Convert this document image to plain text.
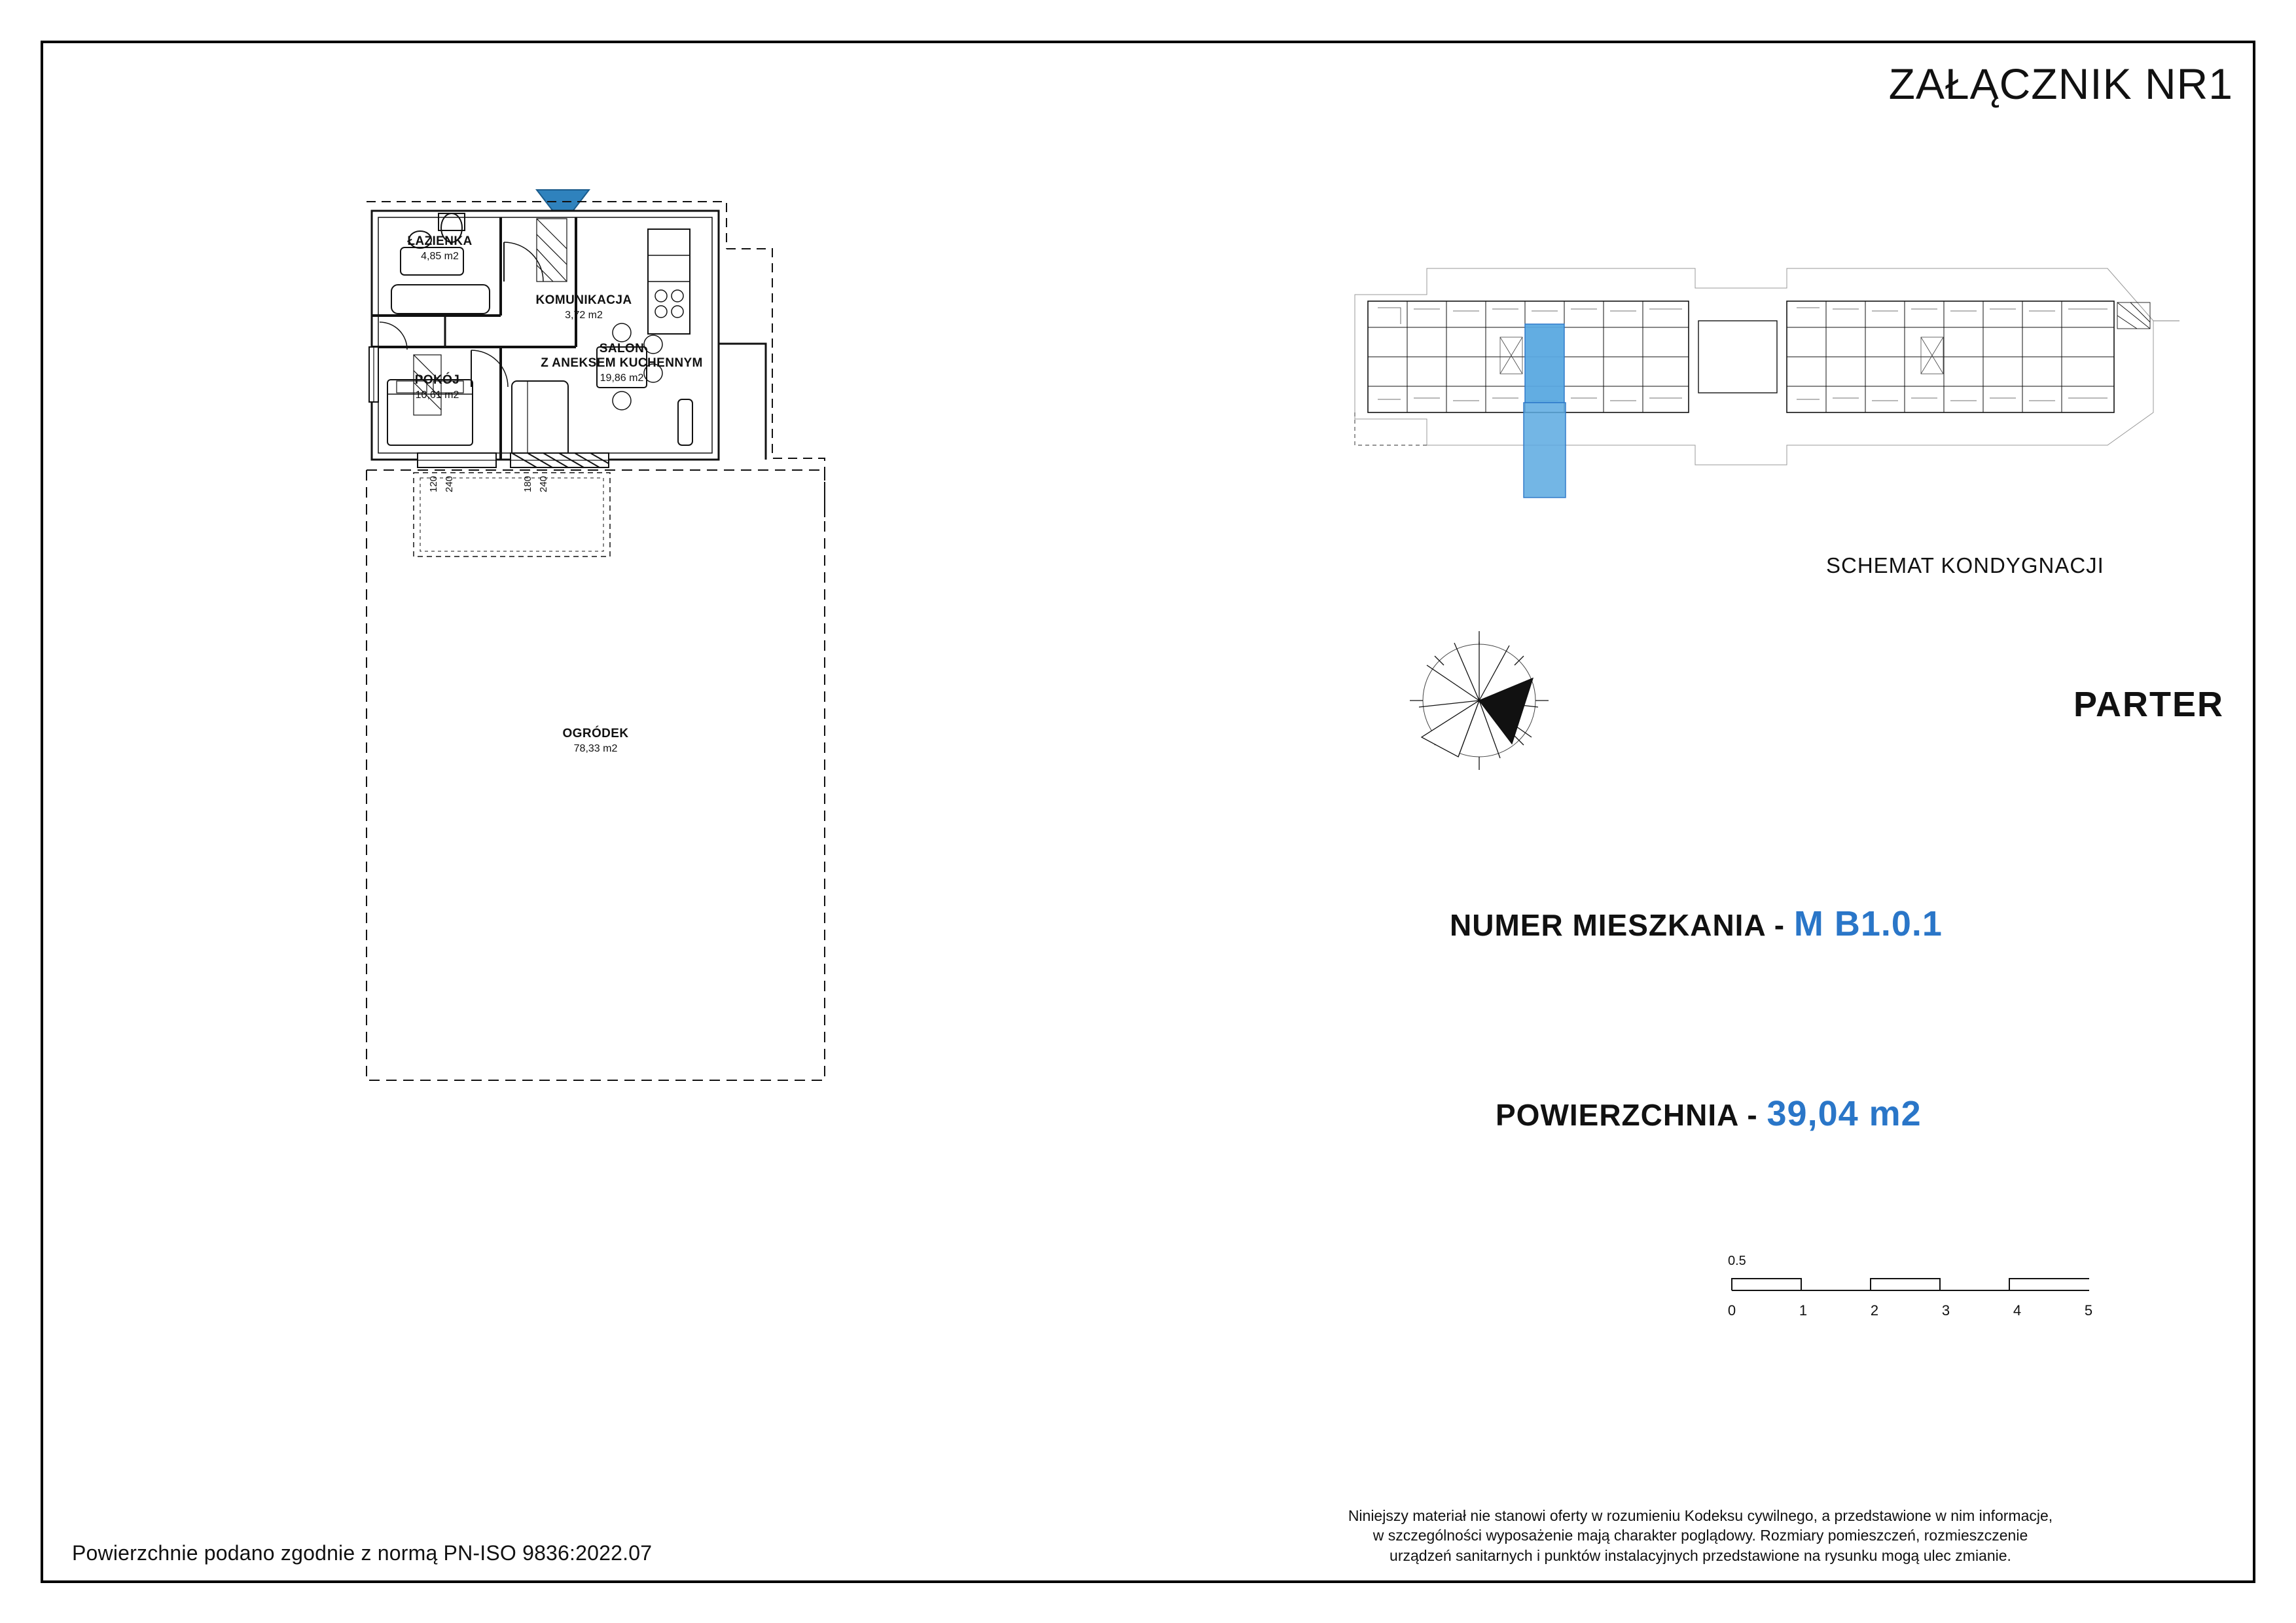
ZAŁĄCZNIK NR1
ŁAZIENKA
4,85 m2
KOMUNIKACJA
3,72 m2
SALON
Z ANEKSEM KUCHENNYM
19,86 m2
POKÓJ
10,61 m2
OGRÓDEK
78,33 m2
120 240	180 240
SCHEMAT KONDYGNACJI
PARTER
NUMER MIESZKANIA - M B1.0.1
POWIERZCHNIA - 39,04 m2
0.5
0	1	2	3	4	5
Powierzchnie podano zgodnie z normą PN-ISO 9836:2022.07
Niniejszy materiał nie stanowi oferty w rozumieniu Kodeksu cywilnego, a przedstawione w nim informacje,
w szczególności wyposażenie mają charakter poglądowy. Rozmiary pomieszczeń, rozmieszczenie
urządzeń sanitarnych i punktów instalacyjnych przedstawione na rysunku mogą ulec zmianie.
